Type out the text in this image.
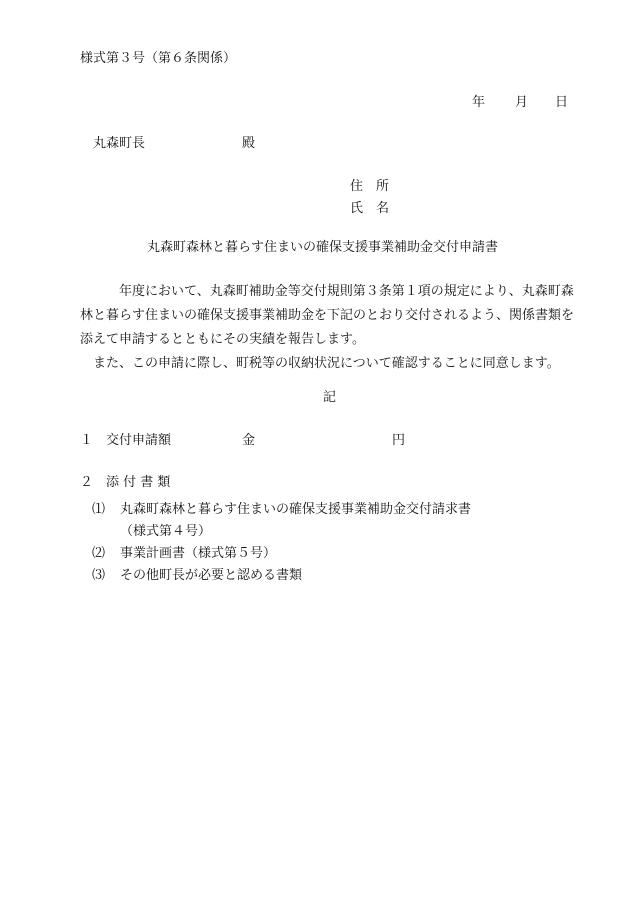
様式第３号（第６条関係）
年 月 日
丸森町長	殿
住　所
氏　名
丸森町森林と暮らす住まいの確保支援事業補助金交付申請書

　　　年度において、丸森町補助金等交付規則第３条第１項の規定により、丸森町森林と暮らす住まいの確保支援事業補助金を下記のとおり交付されるよう、関係書類を添えて申請するとともにその実績を報告します。

　また、この申請に際し、町税等の収納状況について確認することに同意します。

記
１ 交付申請額	金	円
２ 添 付 書 類
⑴ 丸森町森林と暮らす住まいの確保支援事業補助金交付請求書
（様式第４号）
⑵ 事業計画書（様式第５号）
⑶ その他町長が必要と認める書類
